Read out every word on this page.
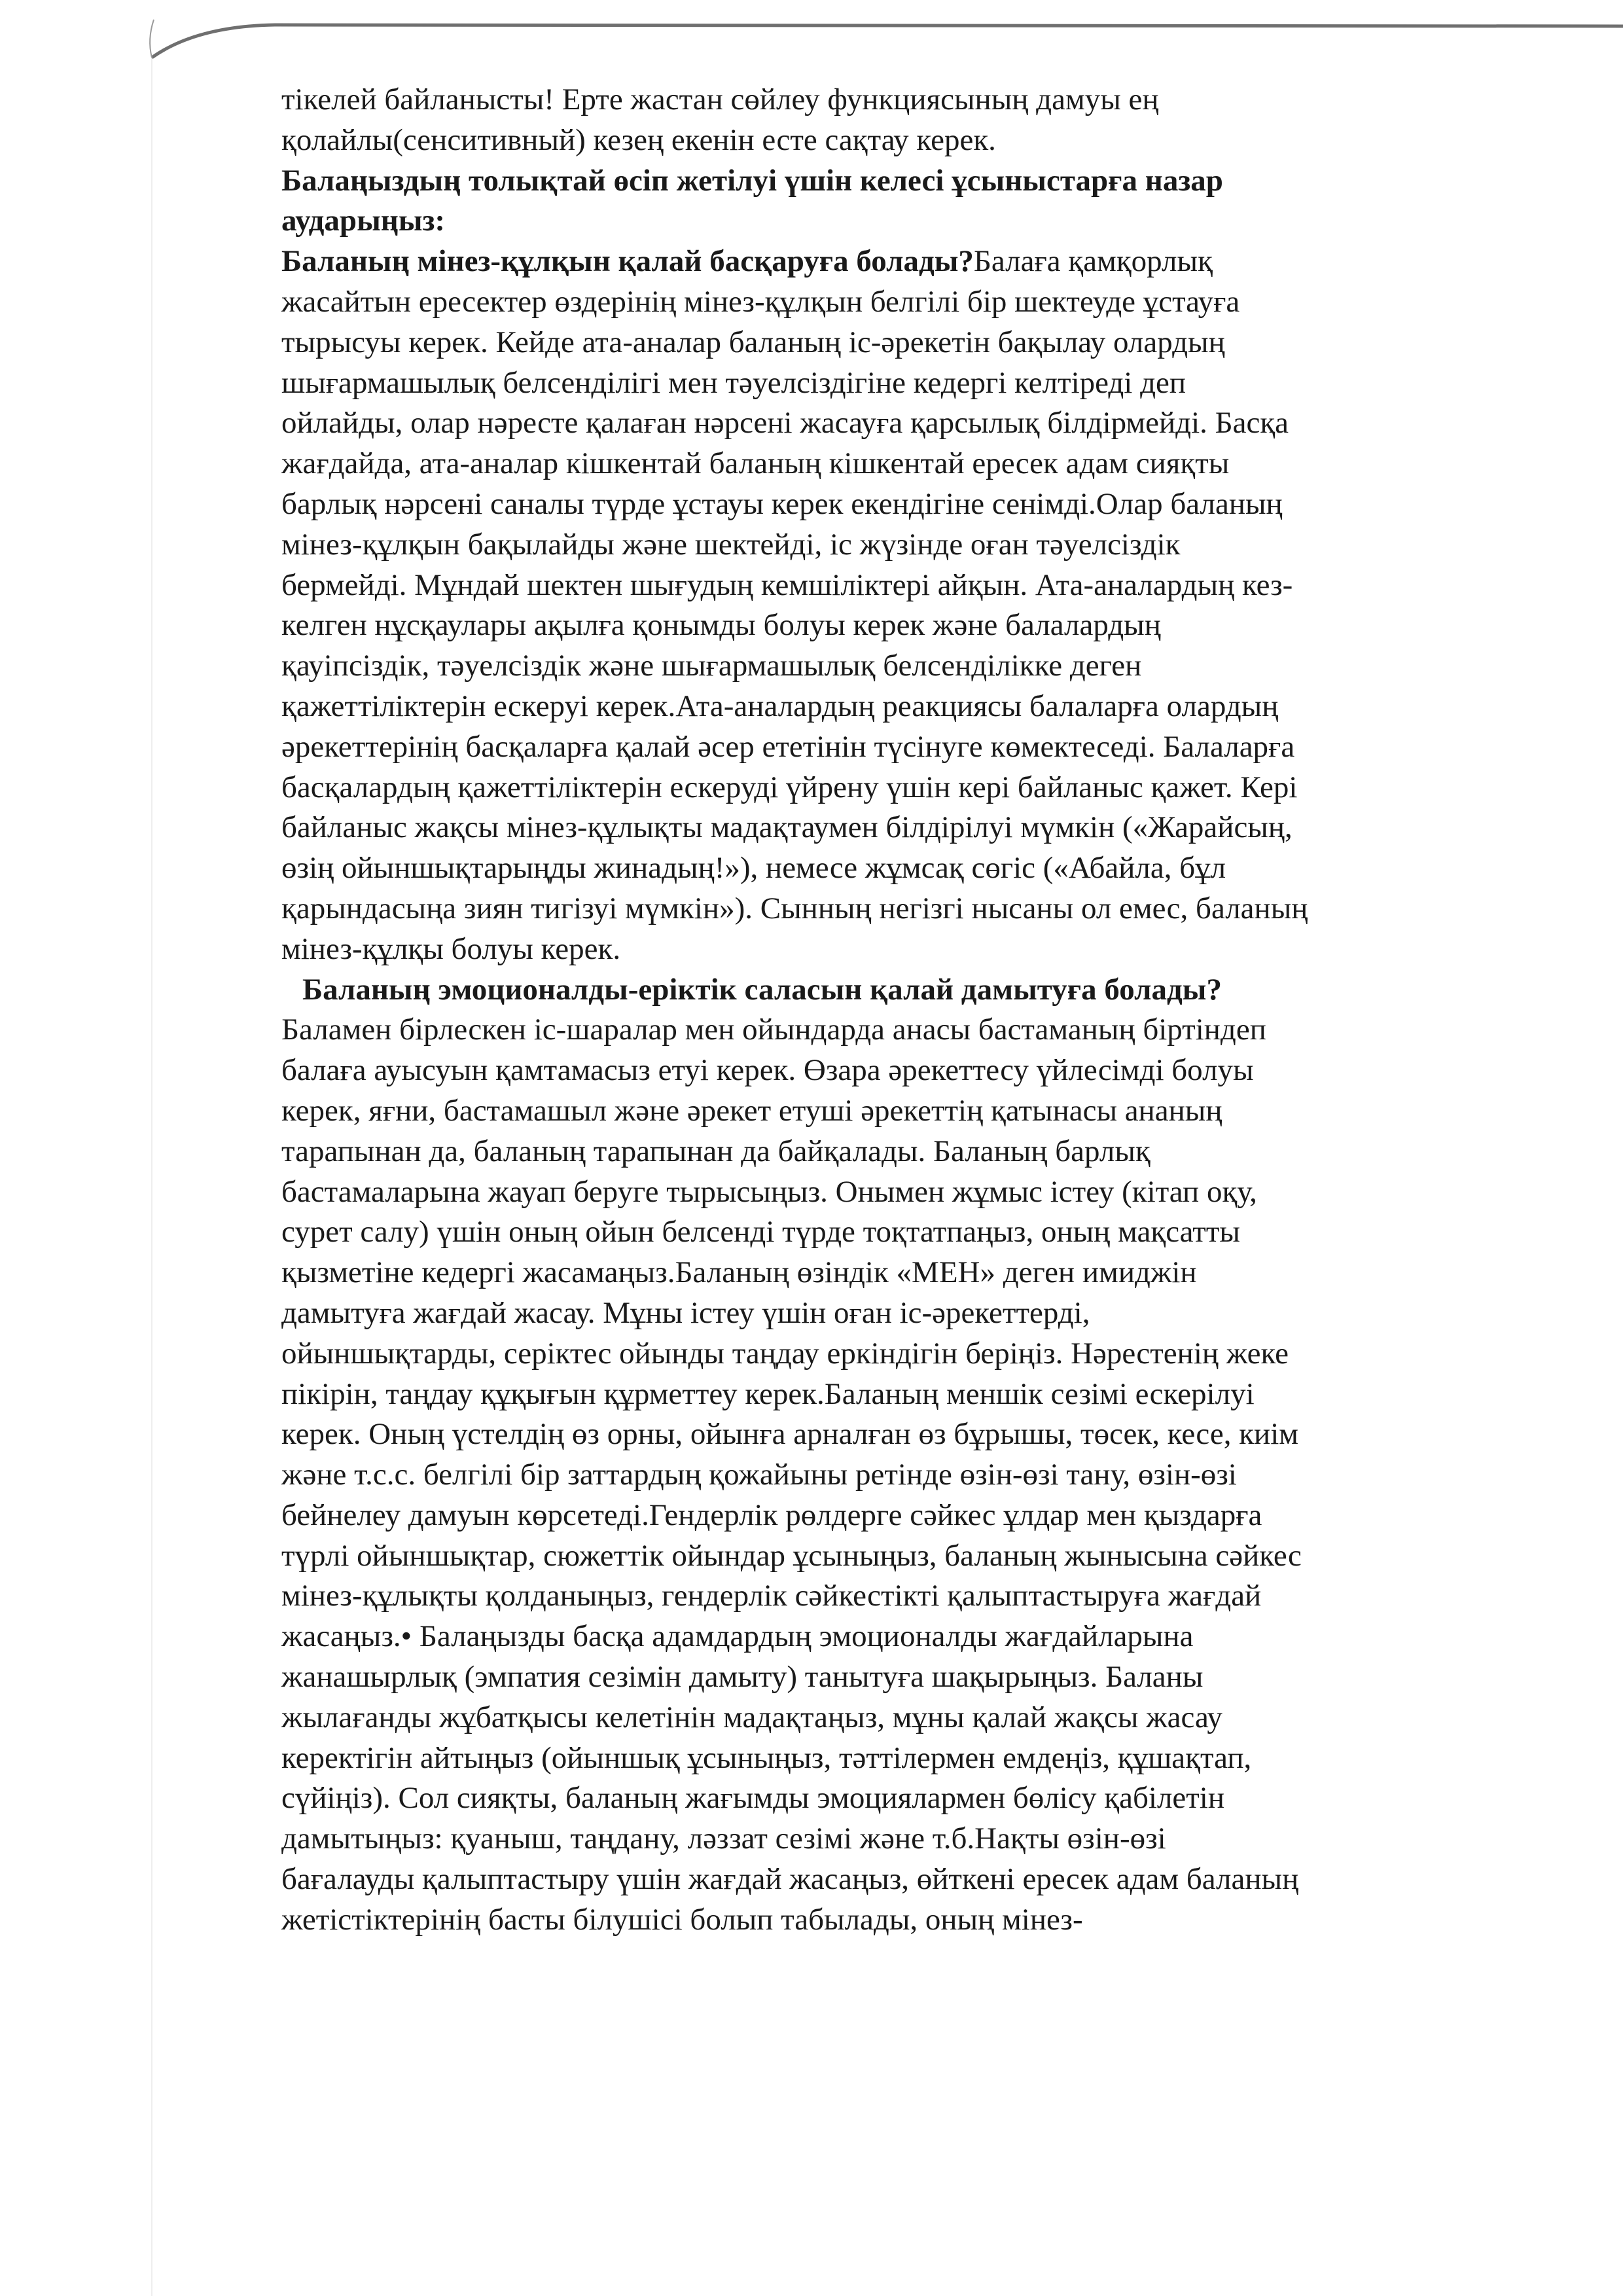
тікелей байланысты! Ерте жастан сөйлеу функциясының дамуы ең
қолайлы(сенситивный) кезең екенін есте сақтау керек.
Балаңыздың толықтай өсіп жетілуі үшін келесі ұсыныстарға назар
аударыңыз:
Баланың мінез-құлқын қалай басқаруға болады?Балаға қамқорлық
жасайтын ересектер өздерінің мінез-құлқын белгілі бір шектеуде ұстауға
тырысуы керек. Кейде ата-аналар баланың іс-әрекетін бақылау олардың
шығармашылық белсенділігі мен тәуелсіздігіне кедергі келтіреді деп
ойлайды, олар нәресте қалаған нәрсені жасауға қарсылық білдірмейді. Басқа
жағдайда, ата-аналар кішкентай баланың кішкентай ересек адам сияқты
барлық нәрсені саналы түрде ұстауы керек екендігіне сенімді.Олар баланың
мінез-құлқын бақылайды және шектейді, іс жүзінде оған тәуелсіздік
бермейді. Мұндай шектен шығудың кемшіліктері айқын. Ата-аналардың кез-
келген нұсқаулары ақылға қонымды болуы керек және балалардың
қауіпсіздік, тәуелсіздік және шығармашылық белсенділікке деген
қажеттіліктерін ескеруі керек.Ата-аналардың реакциясы балаларға олардың
әрекеттерінің басқаларға қалай әсер ететінін түсінуге көмектеседі. Балаларға
басқалардың қажеттіліктерін ескеруді үйрену үшін кері байланыс қажет. Кері
байланыс жақсы мінез-құлықты мадақтаумен білдірілуі мүмкін («Жарайсың,
өзің ойыншықтарыңды жинадың!»), немесе жұмсақ сөгіс («Абайла, бұл
қарындасыңа зиян тигізуі мүмкін»). Сынның негізгі нысаны ол емес, баланың
мінез-құлқы болуы керек.
Баланың эмоционалды-еріктік саласын қалай дамытуға болады?
Баламен бірлескен іс-шаралар мен ойындарда анасы бастаманың біртіндеп
балаға ауысуын қамтамасыз етуі керек. Өзара әрекеттесу үйлесімді болуы
керек, яғни, бастамашыл және әрекет етуші әрекеттің қатынасы ананың
тарапынан да, баланың тарапынан да байқалады. Баланың барлық
бастамаларына жауап беруге тырысыңыз. Онымен жұмыс істеу (кітап оқу,
сурет салу) үшін оның ойын белсенді түрде тоқтатпаңыз, оның мақсатты
қызметіне кедергі жасамаңыз.Баланың өзіндік «МЕН» деген имиджін
дамытуға жағдай жасау. Мұны істеу үшін оған іс-әрекеттерді,
ойыншықтарды, серіктес ойынды таңдау еркіндігін беріңіз. Нәрестенің жеке
пікірін, таңдау құқығын құрметтеу керек.Баланың меншік сезімі ескерілуі
керек. Оның үстелдің өз орны, ойынға арналған өз бұрышы, төсек, кесе, киім
және т.с.с. белгілі бір заттардың қожайыны ретінде өзін-өзі тану, өзін-өзі
бейнелеу дамуын көрсетеді.Гендерлік рөлдерге сәйкес ұлдар мен қыздарға
түрлі ойыншықтар, сюжеттік ойындар ұсыныңыз, баланың жынысына сәйкес
мінез-құлықты қолданыңыз, гендерлік сәйкестікті қалыптастыруға жағдай
жасаңыз.• Балаңызды басқа адамдардың эмоционалды жағдайларына
жанашырлық (эмпатия сезімін дамыту) танытуға шақырыңыз. Баланы
жылағанды жұбатқысы келетінін мадақтаңыз, мұны қалай жақсы жасау
керектігін айтыңыз (ойыншық ұсыныңыз, тәттілермен емдеңіз, құшақтап,
сүйіңіз). Сол сияқты, баланың жағымды эмоциялармен бөлісу қабілетін
дамытыңыз: қуаныш, таңдану, ләззат сезімі және т.б.Нақты өзін-өзі
бағалауды қалыптастыру үшін жағдай жасаңыз, өйткені ересек адам баланың
жетістіктерінің басты білушісі болып табылады, оның мінез-
